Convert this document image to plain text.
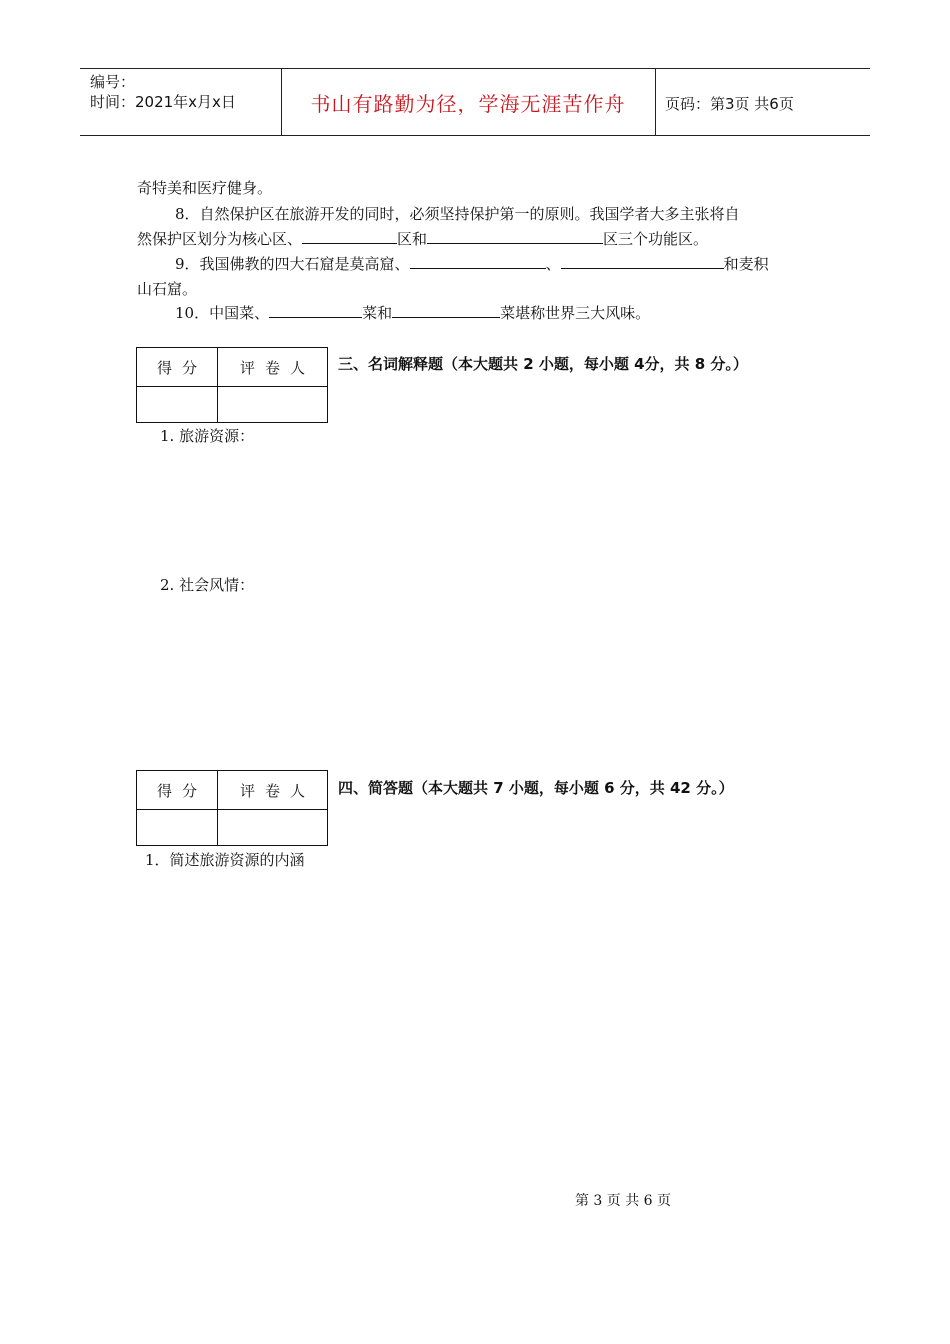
编号：
时间：2021年x月x日	书山有路勤为径，学海无涯苦作舟	页码：第3页 共6页
奇特美和医疗健身。
8．自然保护区在旅游开发的同时，必须坚持保护第一的原则。我国学者大多主张将自
然保护区划分为核心区、	区和	区三个功能区。
9．我国佛教的四大石窟是莫高窟、	、	和麦积
山石窟。
10．中国菜、	菜和	菜堪称世界三大风味。
得分	评卷人	三、名词解释题（本大题共 2 小题，每小题 4分，共 8 分。）
1. 旅游资源：
2. 社会风情：
得分	评卷人	四、简答题（本大题共 7 小题，每小题 6 分，共 42 分。）
1．简述旅游资源的内涵
第 3 页 共 6 页
